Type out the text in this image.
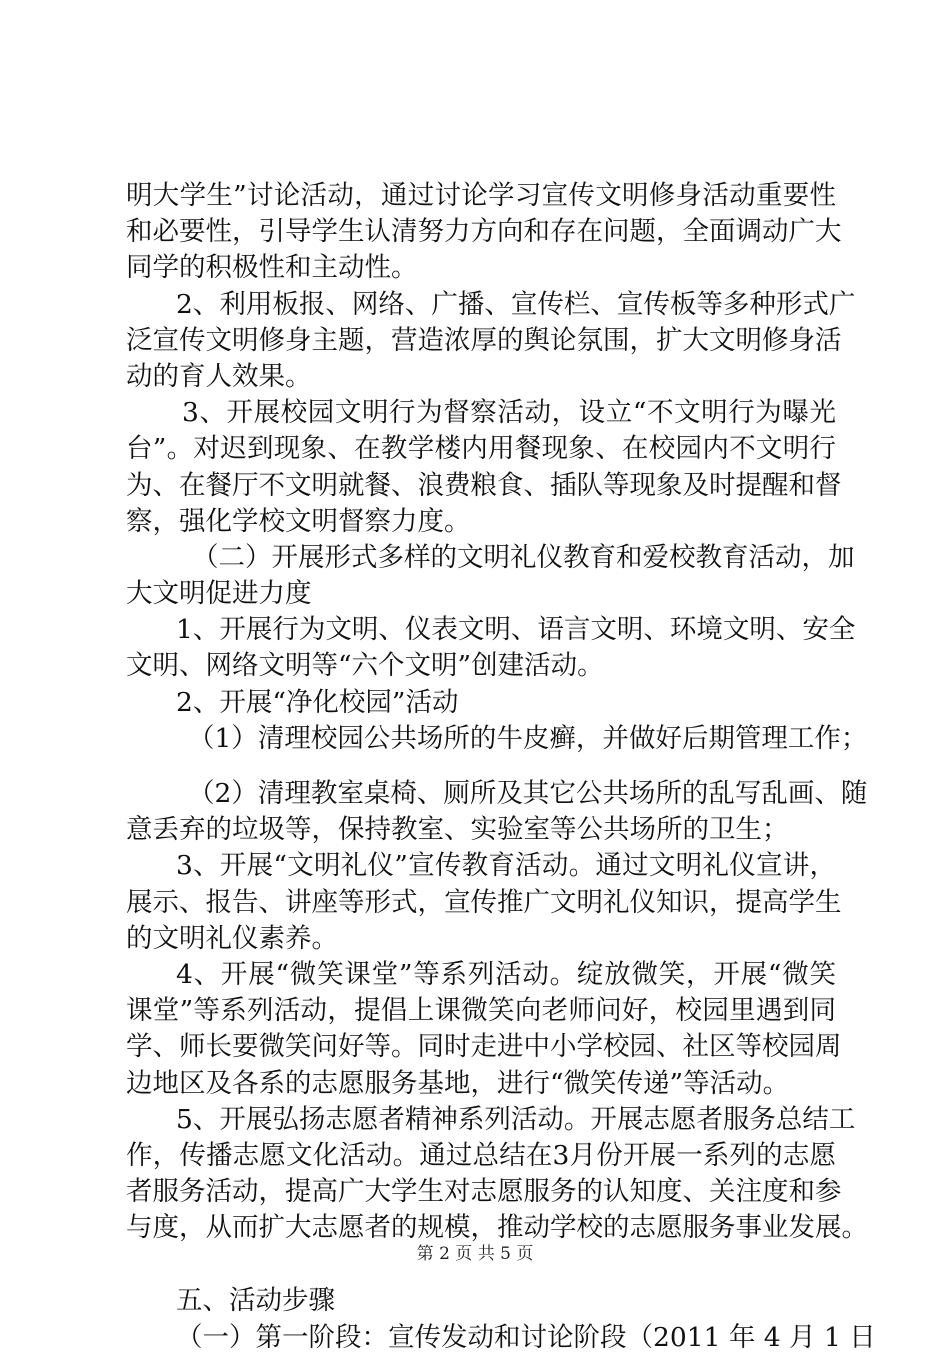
明大学生”讨论活动，通过讨论学习宣传文明修身活动重要性
和必要性，引导学生认清努力方向和存在问题，全面调动广大
同学的积极性和主动性。
2、利用板报、网络、广播、宣传栏、宣传板等多种形式广
泛宣传文明修身主题，营造浓厚的舆论氛围，扩大文明修身活
动的育人效果。
3、开展校园文明行为督察活动，设立“不文明行为曝光
台”。对迟到现象、在教学楼内用餐现象、在校园内不文明行
为、在餐厅不文明就餐、浪费粮食、插队等现象及时提醒和督
察，强化学校文明督察力度。
（二）开展形式多样的文明礼仪教育和爱校教育活动，加
大文明促进力度
1、开展行为文明、仪表文明、语言文明、环境文明、安全
文明、网络文明等“六个文明”创建活动。
2、开展“净化校园”活动
（1）清理校园公共场所的牛皮癣，并做好后期管理工作；
（2）清理教室桌椅、厕所及其它公共场所的乱写乱画、随
意丢弃的垃圾等，保持教室、实验室等公共场所的卫生；
3、开展“文明礼仪”宣传教育活动。通过文明礼仪宣讲，
展示、报告、讲座等形式，宣传推广文明礼仪知识，提高学生
的文明礼仪素养。
4、开展“微笑课堂”等系列活动。绽放微笑，开展“微笑
课堂”等系列活动，提倡上课微笑向老师问好，校园里遇到同
学、师长要微笑问好等。同时走进中小学校园、社区等校园周
边地区及各系的志愿服务基地，进行“微笑传递”等活动。
5、开展弘扬志愿者精神系列活动。开展志愿者服务总结工
作，传播志愿文化活动。通过总结在3月份开展一系列的志愿
者服务活动，提高广大学生对志愿服务的认知度、关注度和参
与度，从而扩大志愿者的规模，推动学校的志愿服务事业发展。
五、活动步骤
（一）第一阶段：宣传发动和讨论阶段（2011 年 4 月 1 日
第 2 页 共 5 页
